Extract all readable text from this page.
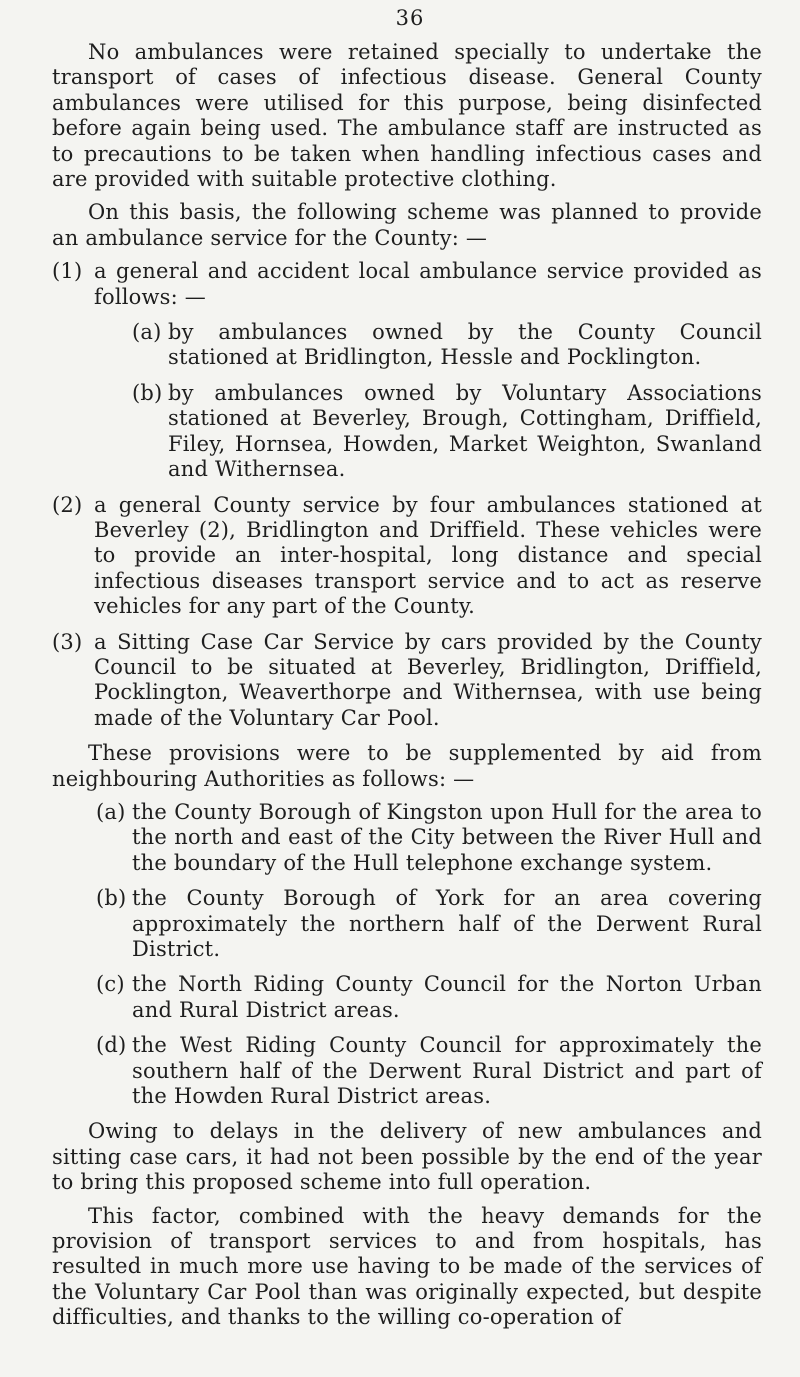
36

No ambulances were retained specially to undertake the transport of cases of infectious disease. General County ambulances were utilised for this purpose, being disinfected before again being used. The ambulance staff are instructed as to precautions to be taken when handling infectious cases and are provided with suitable protective clothing.

On this basis, the following scheme was planned to provide an ambulance service for the County: —

(1) a general and accident local ambulance service provided as follows: —
(a) by ambulances owned by the County Council stationed at Bridlington, Hessle and Pocklington.
(b) by ambulances owned by Voluntary Associations stationed at Beverley, Brough, Cottingham, Driffield, Filey, Hornsea, Howden, Market Weighton, Swanland and Withernsea.
(2) a general County service by four ambulances stationed at Beverley (2), Bridlington and Driffield. These vehicles were to provide an inter-hospital, long distance and special infectious diseases transport service and to act as reserve vehicles for any part of the County.
(3) a Sitting Case Car Service by cars provided by the County Council to be situated at Beverley, Bridlington, Driffield, Pocklington, Weaverthorpe and Withernsea, with use being made of the Voluntary Car Pool.

These provisions were to be supplemented by aid from neighbouring Authorities as follows: —

(a) the County Borough of Kingston upon Hull for the area to the north and east of the City between the River Hull and the boundary of the Hull telephone exchange system.
(b) the County Borough of York for an area covering approximately the northern half of the Derwent Rural District.
(c) the North Riding County Council for the Norton Urban and Rural District areas.
(d) the West Riding County Council for approximately the southern half of the Derwent Rural District and part of the Howden Rural District areas.

Owing to delays in the delivery of new ambulances and sitting case cars, it had not been possible by the end of the year to bring this proposed scheme into full operation.

This factor, combined with the heavy demands for the provision of transport services to and from hospitals, has resulted in much more use having to be made of the services of the Voluntary Car Pool than was originally expected, but despite difficulties, and thanks to the willing co-operation of
